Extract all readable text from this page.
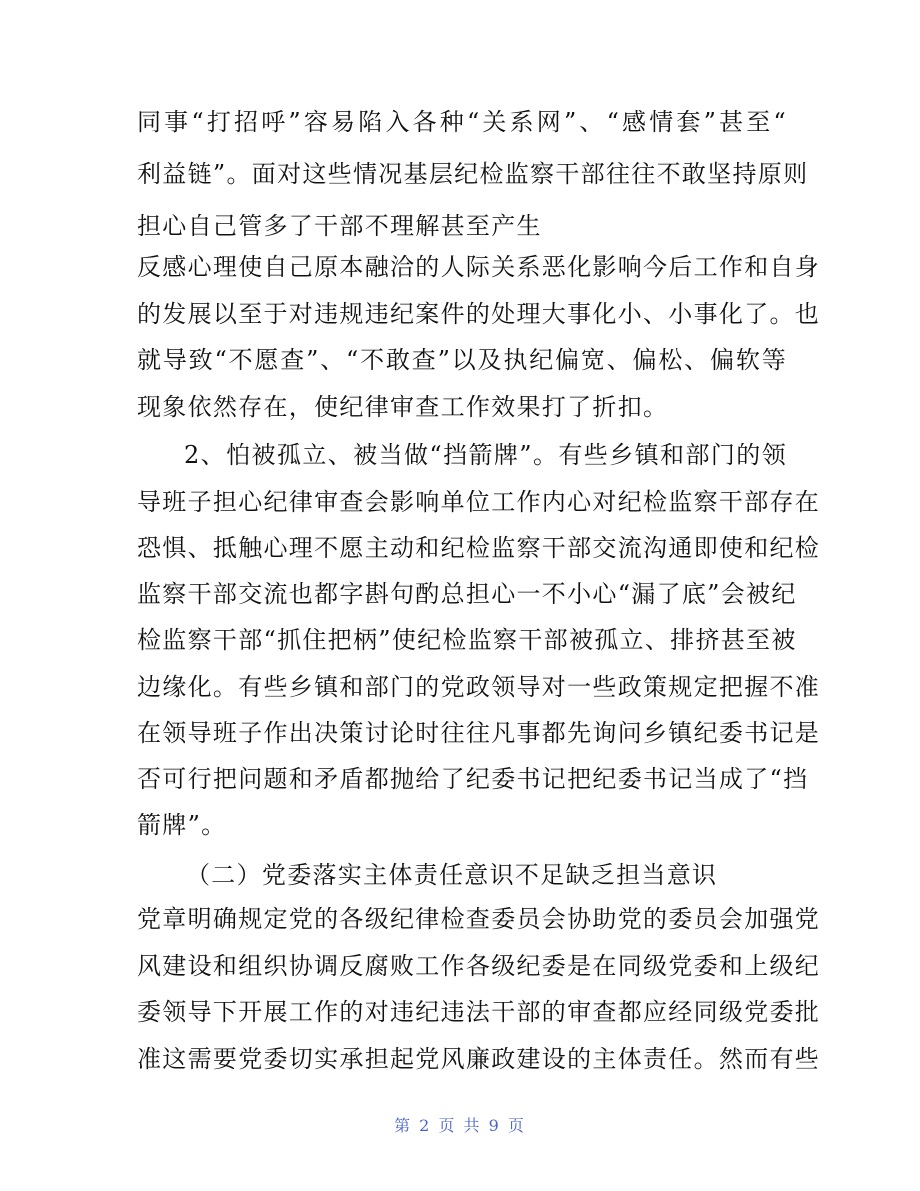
同事“打招呼”容易陷入各种“关系网”、“感情套”甚至“
利益链”。面对这些情况基层纪检监察干部往往不敢坚持原则
担心自己管多了干部不理解甚至产生
反感心理使自己原本融洽的人际关系恶化影响今后工作和自身
的发展以至于对违规违纪案件的处理大事化小、小事化了。也
就导致“不愿查”、“不敢查”以及执纪偏宽、偏松、偏软等
现象依然存在，使纪律审查工作效果打了折扣。
2、怕被孤立、被当做“挡箭牌”。有些乡镇和部门的领
导班子担心纪律审查会影响单位工作内心对纪检监察干部存在
恐惧、抵触心理不愿主动和纪检监察干部交流沟通即使和纪检
监察干部交流也都字斟句酌总担心一不小心“漏了底”会被纪
检监察干部“抓住把柄”使纪检监察干部被孤立、排挤甚至被
边缘化。有些乡镇和部门的党政领导对一些政策规定把握不准
在领导班子作出决策讨论时往往凡事都先询问乡镇纪委书记是
否可行把问题和矛盾都抛给了纪委书记把纪委书记当成了“挡
箭牌”。
（二）党委落实主体责任意识不足缺乏担当意识
党章明确规定党的各级纪律检查委员会协助党的委员会加强党
风建设和组织协调反腐败工作各级纪委是在同级党委和上级纪
委领导下开展工作的对违纪违法干部的审查都应经同级党委批
准这需要党委切实承担起党风廉政建设的主体责任。然而有些
第 2 页 共 9 页
